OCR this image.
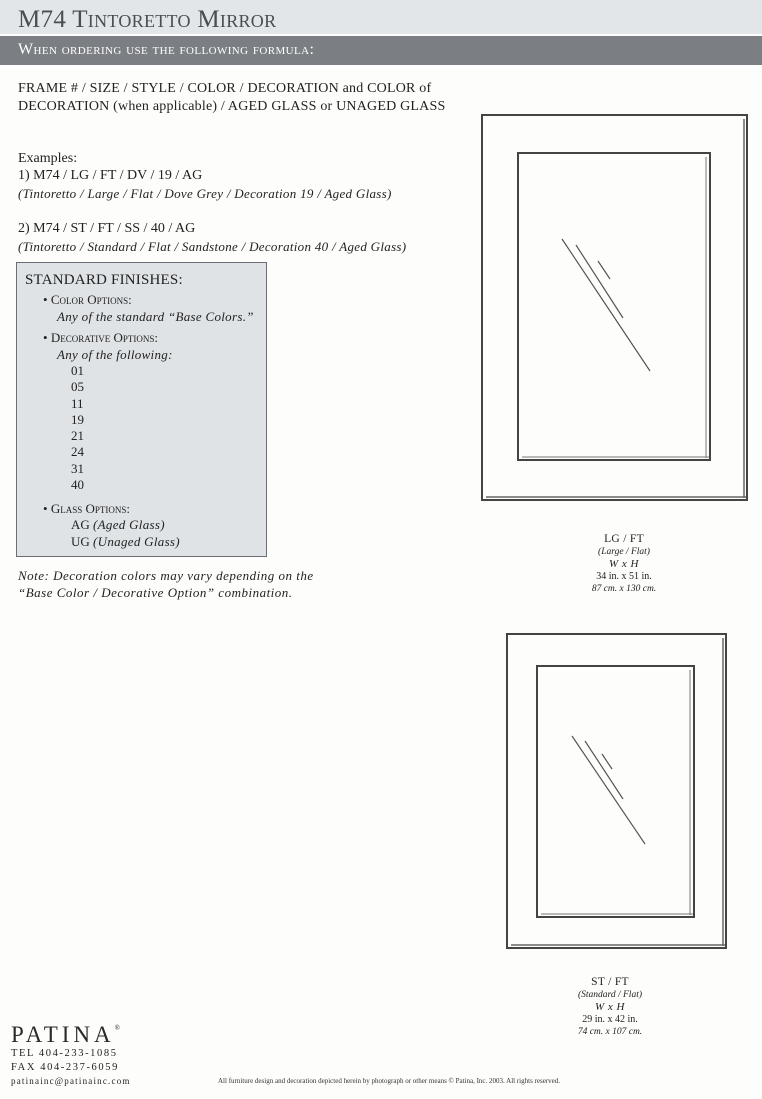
M74 Tintoretto Mirror
When ordering use the following formula:
FRAME # / SIZE / STYLE / COLOR / DECORATION and COLOR of DECORATION (when applicable) / AGED GLASS or UNAGED GLASS
Examples:
1) M74 / LG / FT / DV / 19 / AG
(Tintoretto / Large / Flat / Dove Grey / Decoration 19 / Aged Glass)
2) M74 / ST / FT / SS / 40 / AG
(Tintoretto / Standard / Flat / Sandstone / Decoration 40 / Aged Glass)
STANDARD FINISHES:
• Color Options:
Any of the standard “Base Colors.”
• Decorative Options:
Any of the following:
01
05
11
19
21
24
31
40
• Glass Options:
AG (Aged Glass)
UG (Unaged Glass)
Note: Decoration colors may vary depending on the
“Base Color / Decorative Option” combination.
LG / FT
(Large / Flat)
W x H
34 in. x 51 in.
87 cm. x 130 cm.
ST / FT
(Standard / Flat)
W x H
29 in. x 42 in.
74 cm. x 107 cm.
PATINA®
TEL 404-233-1085
FAX 404-237-6059
patinainc@patinainc.com	All furniture design and decoration depicted herein by photograph or other means © Patina, Inc. 2003. All rights reserved.
